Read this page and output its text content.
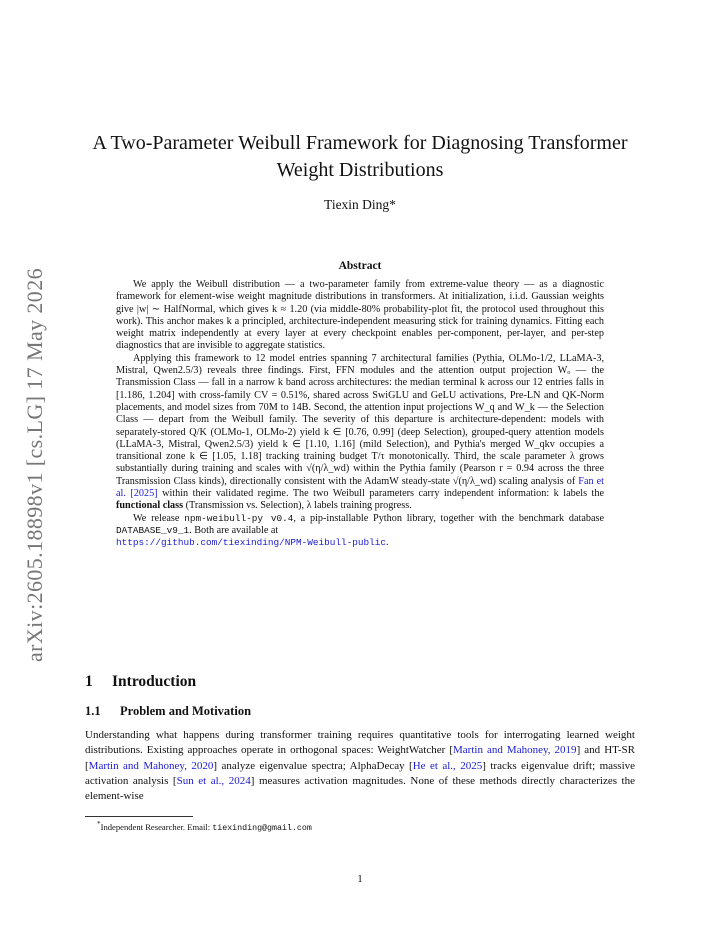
arXiv:2605.18898v1 [cs.LG] 17 May 2026
A Two-Parameter Weibull Framework for Diagnosing Transformer
Weight Distributions
Tiexin Ding*
Abstract

We apply the Weibull distribution — a two-parameter family from extreme-value theory — as a diagnostic framework for element-wise weight magnitude distributions in transformers. At initialization, i.i.d. Gaussian weights give |w| ∼ HalfNormal, which gives k ≈ 1.20 (via middle-80% probability-plot fit, the protocol used throughout this work). This anchor makes k a principled, architecture-independent measuring stick for training dynamics. Fitting each weight matrix independently at every layer at every checkpoint enables per-component, per-layer, and per-step diagnostics that are invisible to aggregate statistics.

Applying this framework to 12 model entries spanning 7 architectural families (Pythia, OLMo-1/2, LLaMA-3, Mistral, Qwen2.5/3) reveals three findings. First, FFN modules and the attention output projection Wₒ — the Transmission Class — fall in a narrow k band across architectures: the median terminal k across our 12 entries falls in [1.186, 1.204] with cross-family CV = 0.51%, shared across SwiGLU and GeLU activations, Pre-LN and QK-Norm placements, and model sizes from 70M to 14B. Second, the attention input projections W_q and W_k — the Selection Class — depart from the Weibull family. The severity of this departure is architecture-dependent: models with separately-stored Q/K (OLMo-1, OLMo-2) yield k ∈ [0.76, 0.99] (deep Selection), grouped-query attention models (LLaMA-3, Mistral, Qwen2.5/3) yield k ∈ [1.10, 1.16] (mild Selection), and Pythia's merged W_qkv occupies a transitional zone k ∈ [1.05, 1.18] tracking training budget T/τ monotonically. Third, the scale parameter λ grows substantially during training and scales with √(η/λ_wd) within the Pythia family (Pearson r = 0.94 across the three Transmission Class kinds), directionally consistent with the AdamW steady-state √(η/λ_wd) scaling analysis of Fan et al. [2025] within their validated regime. The two Weibull parameters carry independent information: k labels the functional class (Transmission vs. Selection), λ labels training progress.

We release npm-weibull-py v0.4, a pip-installable Python library, together with the benchmark database DATABASE_v9_1. Both are available at
https://github.com/tiexinding/NPM-Weibull-public.

1 Introduction
1.1 Problem and Motivation
Understanding what happens during transformer training requires quantitative tools for interrogating learned weight distributions. Existing approaches operate in orthogonal spaces: WeightWatcher [Martin and Mahoney, 2019] and HT-SR [Martin and Mahoney, 2020] analyze eigenvalue spectra; AlphaDecay [He et al., 2025] tracks eigenvalue drift; massive activation analysis [Sun et al., 2024] measures activation magnitudes. None of these methods directly characterizes the element-wise
*Independent Researcher. Email: tiexinding@gmail.com
1
